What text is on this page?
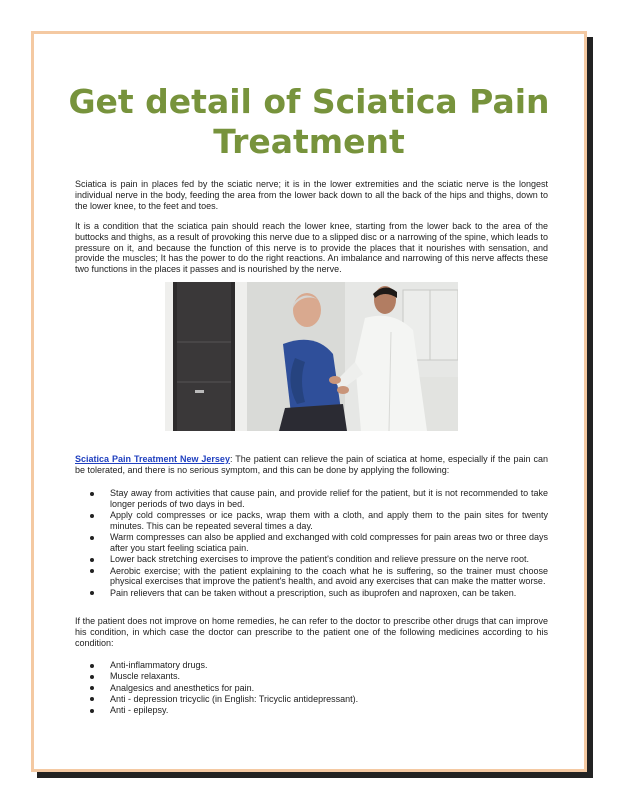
Get detail of Sciatica Pain Treatment

Sciatica is pain in places fed by the sciatic nerve; it is in the lower extremities and the sciatic nerve is the longest individual nerve in the body, feeding the area from the lower back down to all the back of the hips and thighs, down to the lower knee, to the feet and toes.

It is a condition that the sciatica pain should reach the lower knee, starting from the lower back to the area of the buttocks and thighs, as a result of provoking this nerve due to a slipped disc or a narrowing of the spine, which leads to pressure on it, and because the function of this nerve is to provide the places that it nourishes with sensation, and provide the muscles; It has the power to do the right reactions. An imbalance and narrowing of this nerve affects these two functions in the places it passes and is nourished by the nerve.

Sciatica Pain Treatment New Jersey: The patient can relieve the pain of sciatica at home, especially if the pain can be tolerated, and there is no serious symptom, and this can be done by applying the following:

Stay away from activities that cause pain, and provide relief for the patient, but it is not recommended to take longer periods of two days in bed.
Apply cold compresses or ice packs, wrap them with a cloth, and apply them to the pain sites for twenty minutes. This can be repeated several times a day.
Warm compresses can also be applied and exchanged with cold compresses for pain areas two or three days after you start feeling sciatica pain.
Lower back stretching exercises to improve the patient's condition and relieve pressure on the nerve root.
Aerobic exercise; with the patient explaining to the coach what he is suffering, so the trainer must choose physical exercises that improve the patient's health, and avoid any exercises that can make the matter worse.
Pain relievers that can be taken without a prescription, such as ibuprofen and naproxen, can be taken.

If the patient does not improve on home remedies, he can refer to the doctor to prescribe other drugs that can improve his condition, in which case the doctor can prescribe to the patient one of the following medicines according to his condition:

Anti-inflammatory drugs.
Muscle relaxants.
Analgesics and anesthetics for pain.
Anti - depression tricyclic (in English: Tricyclic antidepressant).
Anti - epilepsy.
